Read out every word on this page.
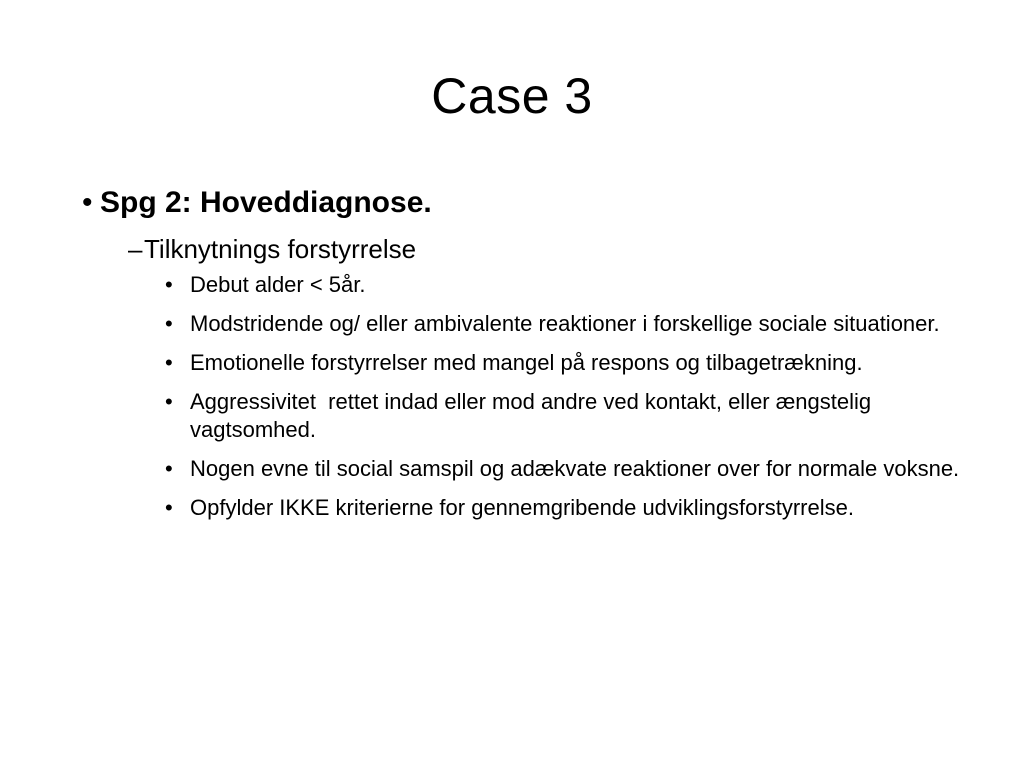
Case 3
• Spg 2: Hoveddiagnose.
– Tilknytnings forstyrrelse
• Debut alder < 5år.
• Modstridende og/ eller ambivalente reaktioner i forskellige sociale situationer.
• Emotionelle forstyrrelser med mangel på respons og tilbagetrækning.
• Aggressivitet  rettet indad eller mod andre ved kontakt, eller ængstelig vagtsomhed.
• Nogen evne til social samspil og adækvate reaktioner over for normale voksne.
• Opfylder IKKE kriterierne for gennemgribende udviklingsforstyrrelse.
